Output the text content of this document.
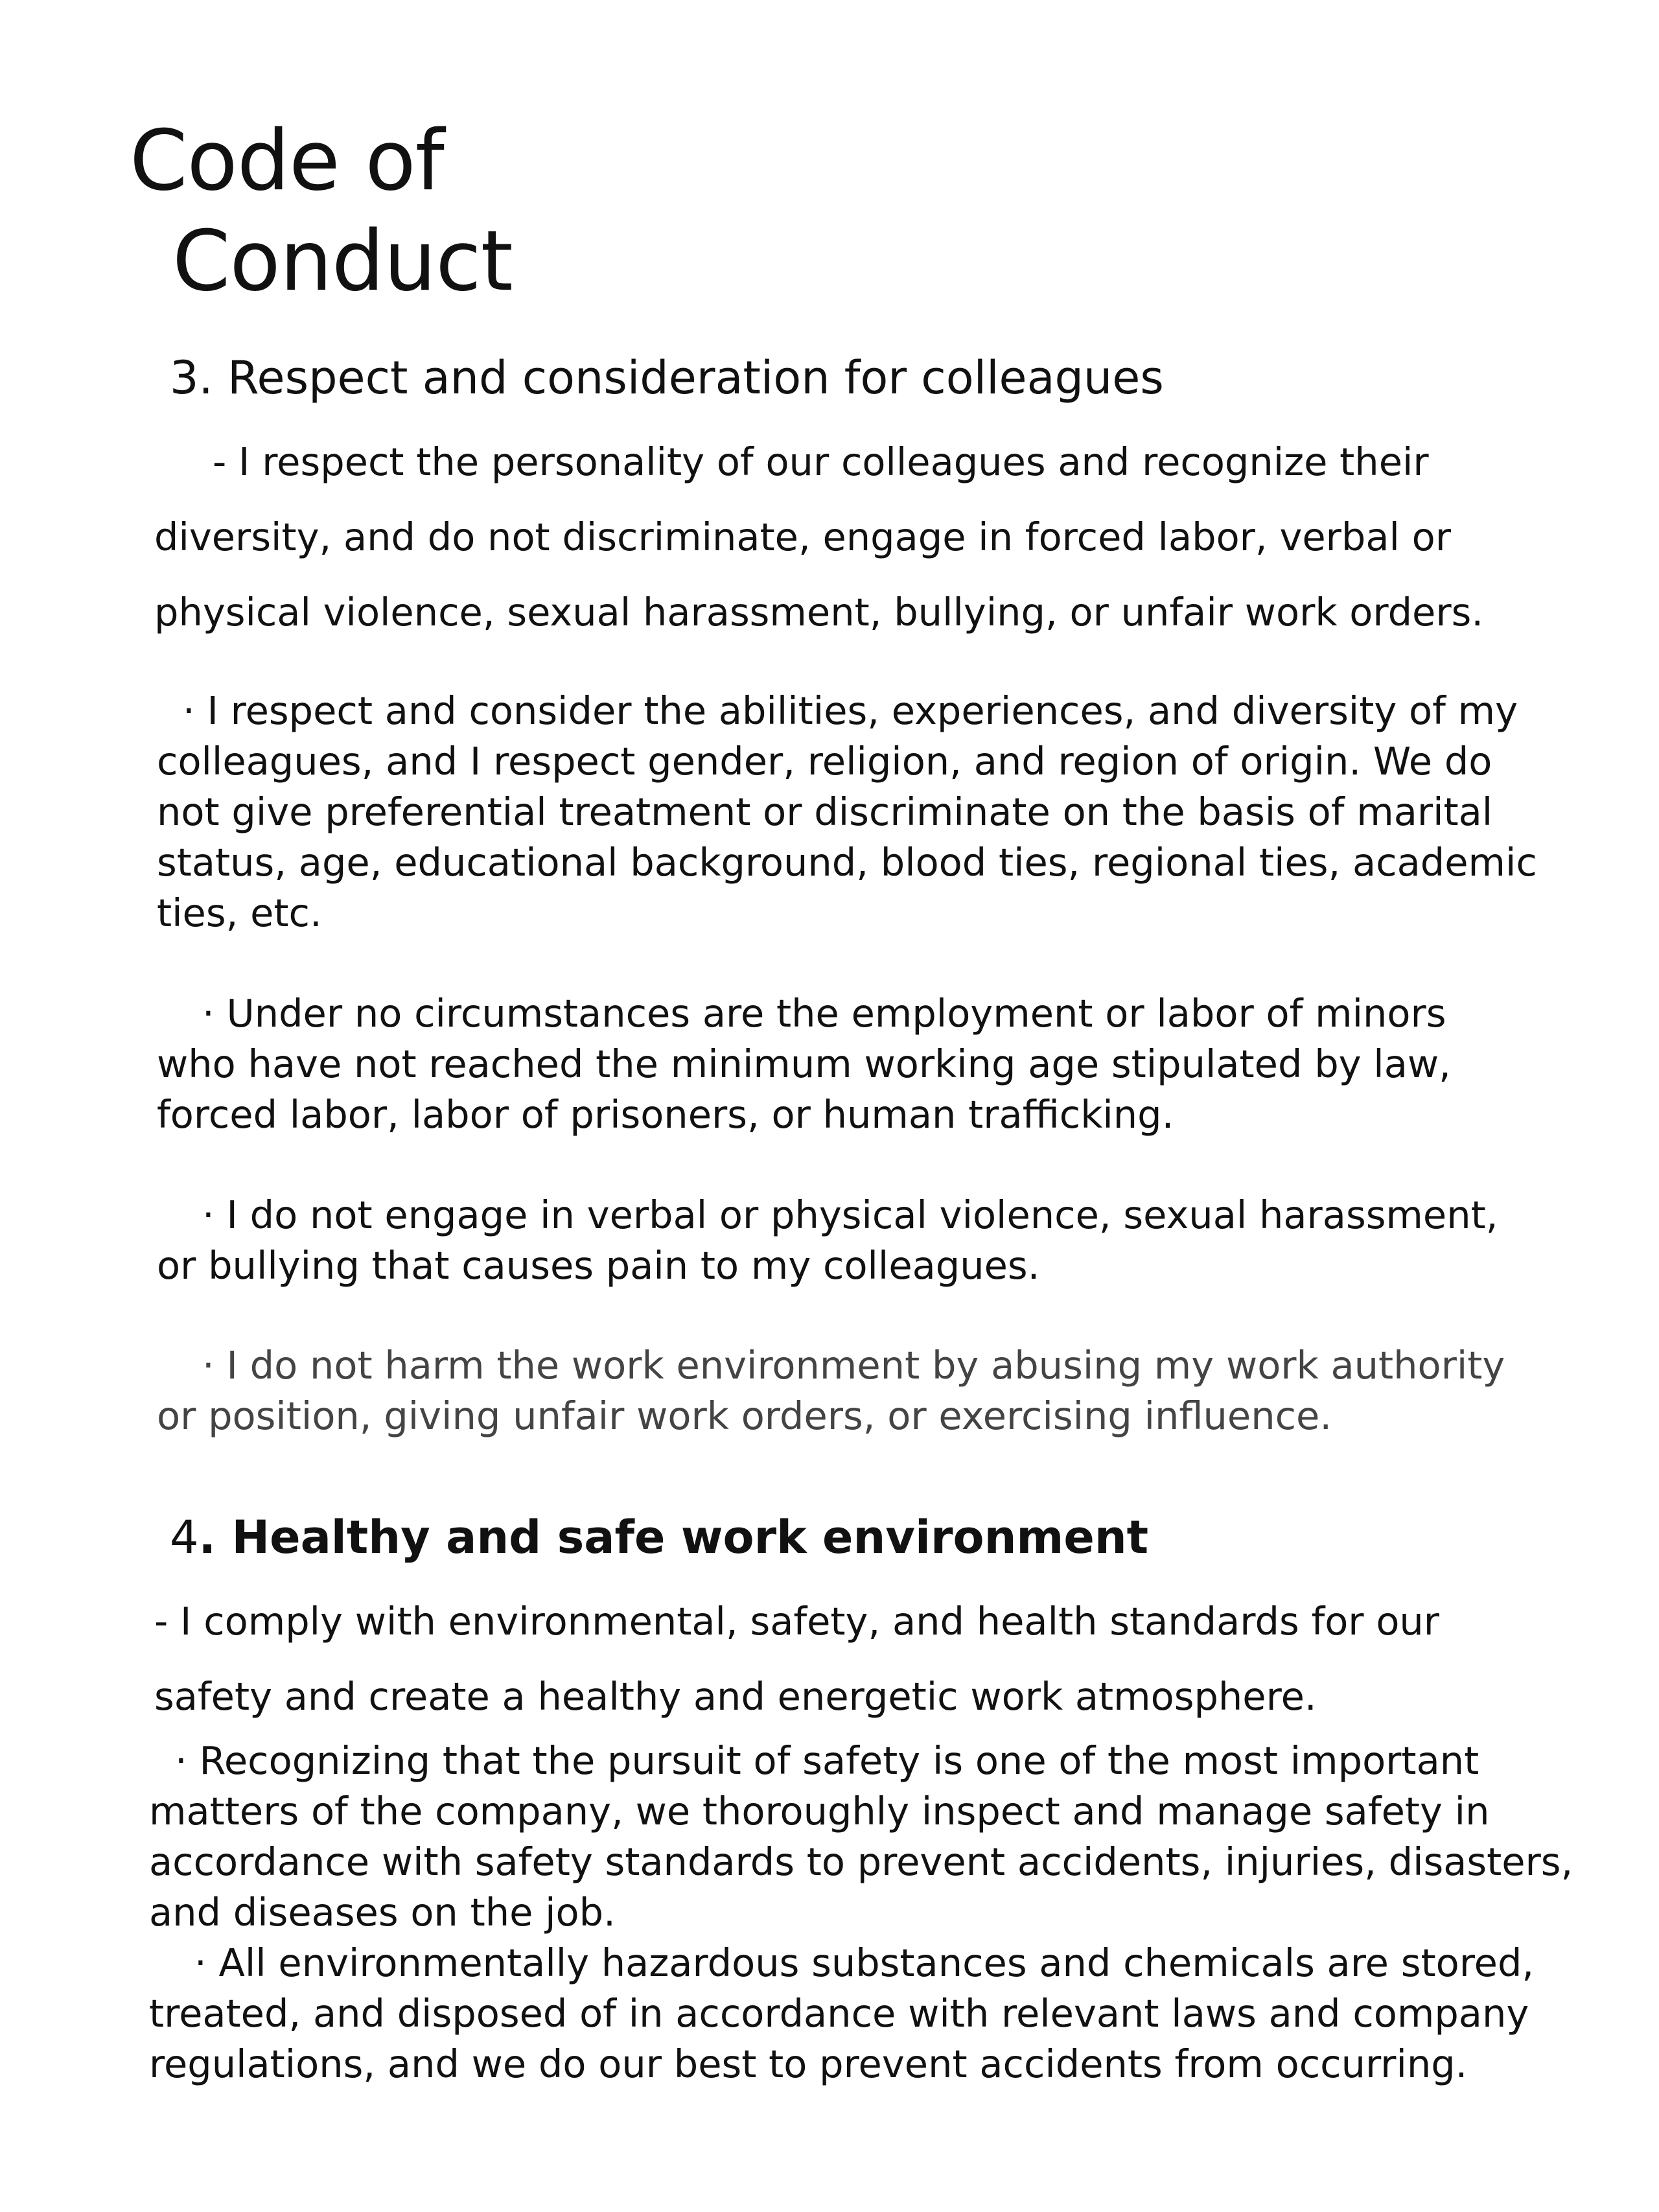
Code of
Conduct
3. Respect and consideration for colleagues
- I respect the personality of our colleagues and recognize their
diversity, and do not discriminate, engage in forced labor, verbal or
physical violence, sexual harassment, bullying, or unfair work orders.
· I respect and consider the abilities, experiences, and diversity of my
colleagues, and I respect gender, religion, and region of origin. We do
not give preferential treatment or discriminate on the basis of marital
status, age, educational background, blood ties, regional ties, academic
ties, etc.
· Under no circumstances are the employment or labor of minors
who have not reached the minimum working age stipulated by law,
forced labor, labor of prisoners, or human trafficking.
· I do not engage in verbal or physical violence, sexual harassment,
or bullying that causes pain to my colleagues.
· I do not harm the work environment by abusing my work authority
or position, giving unfair work orders, or exercising influence.
4. Healthy and safe work environment
- I comply with environmental, safety, and health standards for our
safety and create a healthy and energetic work atmosphere.
· Recognizing that the pursuit of safety is one of the most important
matters of the company, we thoroughly inspect and manage safety in
accordance with safety standards to prevent accidents, injuries, disasters,
and diseases on the job.
· All environmentally hazardous substances and chemicals are stored,
treated, and disposed of in accordance with relevant laws and company
regulations, and we do our best to prevent accidents from occurring.
